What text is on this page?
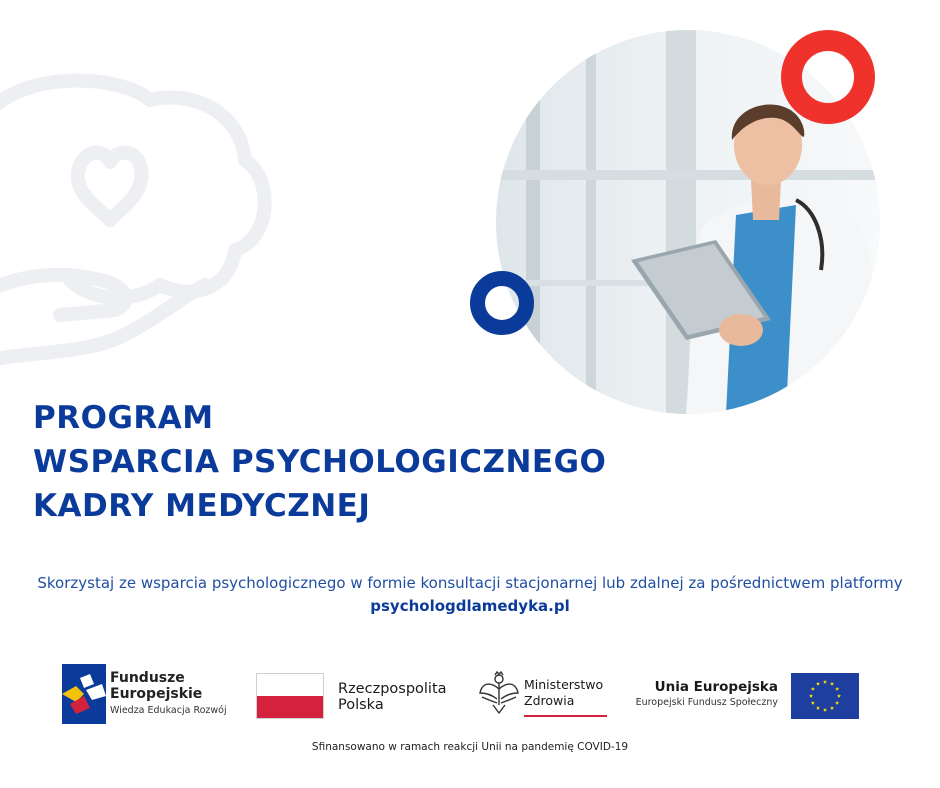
PROGRAM
WSPARCIA PSYCHOLOGICZNEGO
KADRY MEDYCZNEJ
Skorzystaj ze wsparcia psychologicznego w formie konsultacji stacjonarnej lub zdalnej za pośrednictwem platformy psychologdlamedyka.pl
Fundusze
Europejskie
Wiedza Edukacja Rozwój
Rzeczpospolita
Polska
Ministerstwo
Zdrowia
Unia Europejska
Europejski Fundusz Społeczny
Sfinansowano w ramach reakcji Unii na pandemię COVID-19
